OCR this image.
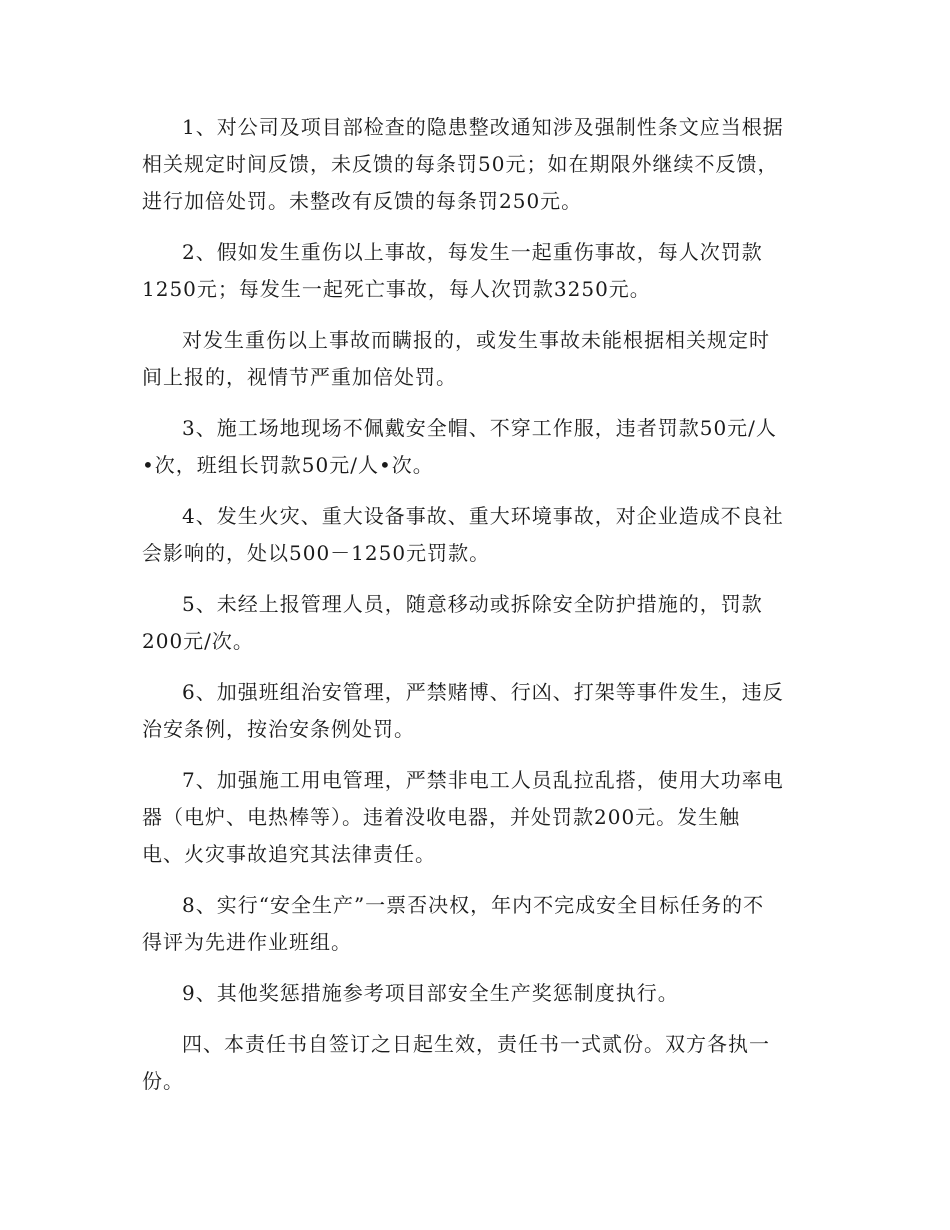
1、对公司及项目部检查的隐患整改通知涉及强制性条文应当根据
相关规定时间反馈，未反馈的每条罚50元；如在期限外继续不反馈，
进行加倍处罚。未整改有反馈的每条罚250元。

2、假如发生重伤以上事故，每发生一起重伤事故，每人次罚款
1250元；每发生一起死亡事故，每人次罚款3250元。

对发生重伤以上事故而瞒报的，或发生事故未能根据相关规定时
间上报的，视情节严重加倍处罚。

3、施工场地现场不佩戴安全帽、不穿工作服，违者罚款50元/人
•次，班组长罚款50元/人•次。

4、发生火灾、重大设备事故、重大环境事故，对企业造成不良社
会影响的，处以500－1250元罚款。

5、未经上报管理人员，随意移动或拆除安全防护措施的，罚款
200元/次。

6、加强班组治安管理，严禁赌博、行凶、打架等事件发生，违反
治安条例，按治安条例处罚。

7、加强施工用电管理，严禁非电工人员乱拉乱搭，使用大功率电
器（电炉、电热棒等）。违着没收电器，并处罚款200元。发生触
电、火灾事故追究其法律责任。

8、实行“安全生产”一票否决权，年内不完成安全目标任务的不
得评为先进作业班组。

9、其他奖惩措施参考项目部安全生产奖惩制度执行。

四、本责任书自签订之日起生效，责任书一式贰份。双方各执一
份。
